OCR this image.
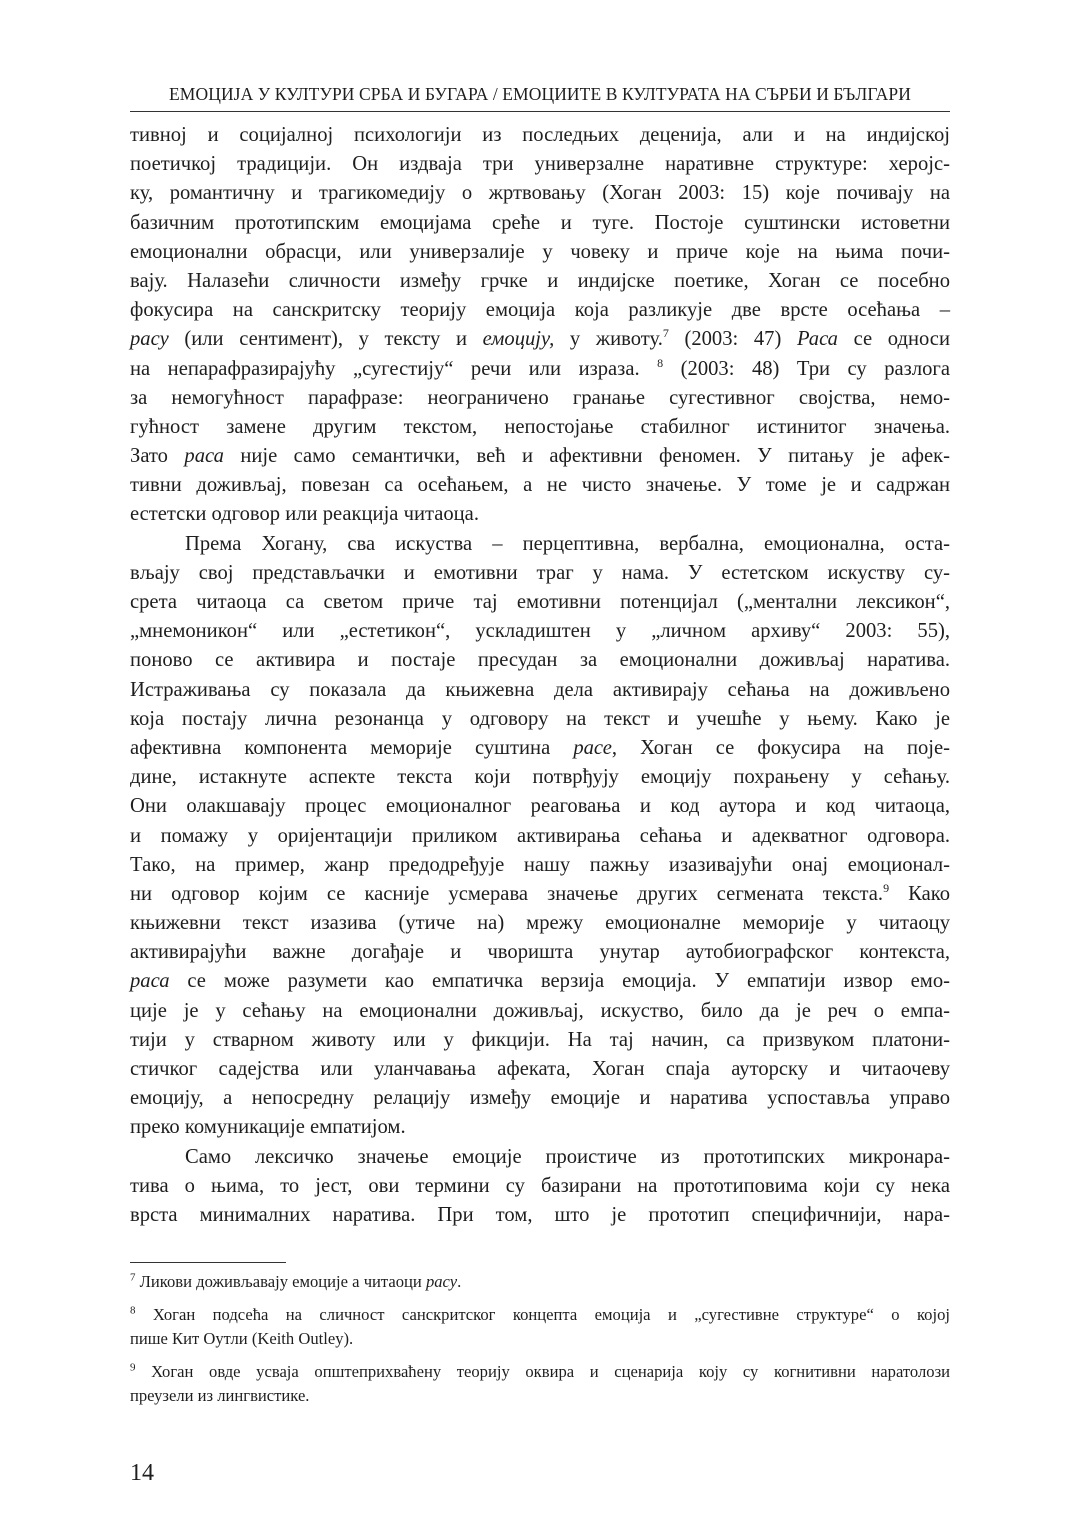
ЕМОЦИЈА У КУЛТУРИ СРБА И БУГАРА / ЕМОЦИИТЕ В КУЛТУРАТА НА СЪРБИ И БЪЛГАРИ
тивној и социјалној психологији из последњих деценија, али и на индијској
поетичкој традицији. Он издваја три универзалне наративне структуре: херојс-
ку, романтичну и трагикомедију о жртвовању (Хоган 2003: 15) које почивају на
базичним прототипским емоцијама среће и туге. Постоје суштински истоветни
емоционални обрасци, или универзалије у човеку и приче које на њима почи-
вају. Налазећи сличности између грчке и индијске поетике, Хоган се посебно
фокусира на санскритску теорију емоција која разликује две врсте осећања –
расу (или сентимент), у тексту и емоцију, у животу.$^7$ (2003: 47) Раса се односи
на непарафразирајућу „сугестију“ речи или израза. $^8$ (2003: 48) Три су разлога
за немогућност парафразе: неограничено гранање сугестивног својства, немо-
гућност замене другим текстом, непостојање стабилног истинитог значења.
Зато раса није само семантички, већ и афективни феномен. У питању је афек-
тивни доживљај, повезан са осећањем, а не чисто значење. У томе је и садржан
естетски одговор или реакција читаоца.
Према Хогану, сва искуства – перцептивна, вербална, емоционална, оста-
вљају свој представљачки и емотивни траг у нама. У естетском искуству су-
срета читаоца са светом приче тај емотивни потенцијал („ментални лексикон“,
„мнемоникон“ или „естетикон“, ускладиштен у „личном архиву“ 2003: 55),
поново се активира и постаје пресудан за емоционални доживљај наратива.
Истраживања су показала да књижевна дела активирају сећања на доживљено
која постају лична резонанца у одговору на текст и учешће у њему. Како је
афективна компонента меморије суштина расе, Хоган се фокусира на поје-
дине, истакнуте аспекте текста који потврђују емоцију похрањену у сећању.
Они олакшавају процес емоционалног реаговања и код аутора и код читаоца,
и помажу у оријентацији приликом активирања сећања и адекватног одговора.
Тако, на пример, жанр предодређује нашу пажњу изазивајући онај емоционал-
ни одговор којим се касније усмерава значење других сегмената текста.$^9$ Како
књижевни текст изазива (утиче на) мрежу емоционалне меморије у читаоцу
активирајући важне догађаје и чворишта унутар аутобиографског контекста,
раса се може разумети као емпатичка верзија емоција. У емпатији извор емо-
ције је у сећању на емоционални доживљај, искуство, било да је реч о емпа-
тији у стварном животу или у фикцији. На тај начин, са призвуком платони-
стичког садејства или уланчавања афеката, Хоган спаја ауторску и читаочеву
емоцију, а непосредну релацију између емоције и наратива успоставља управо
преко комуникације емпатијом.
Само лексичко значење емоције проистиче из прототипских микронара-
тива о њима, то јест, ови термини су базирани на прототиповима који су нека
врста минималних наратива. При том, што је прототип специфичнији, нара-
$^7$ Ликови доживљавају емоције а читаоци расу.
$^8$ Хоган подсећа на сличност санскритског концепта емоција и „сугестивне структуре“ о којој
пише Кит Оутли (Keith Outley).
$^9$ Хоган овде усваја општеприхваћену теорију оквира и сценарија коју су когнитивни наратолози
преузели из лингвистике.
14
